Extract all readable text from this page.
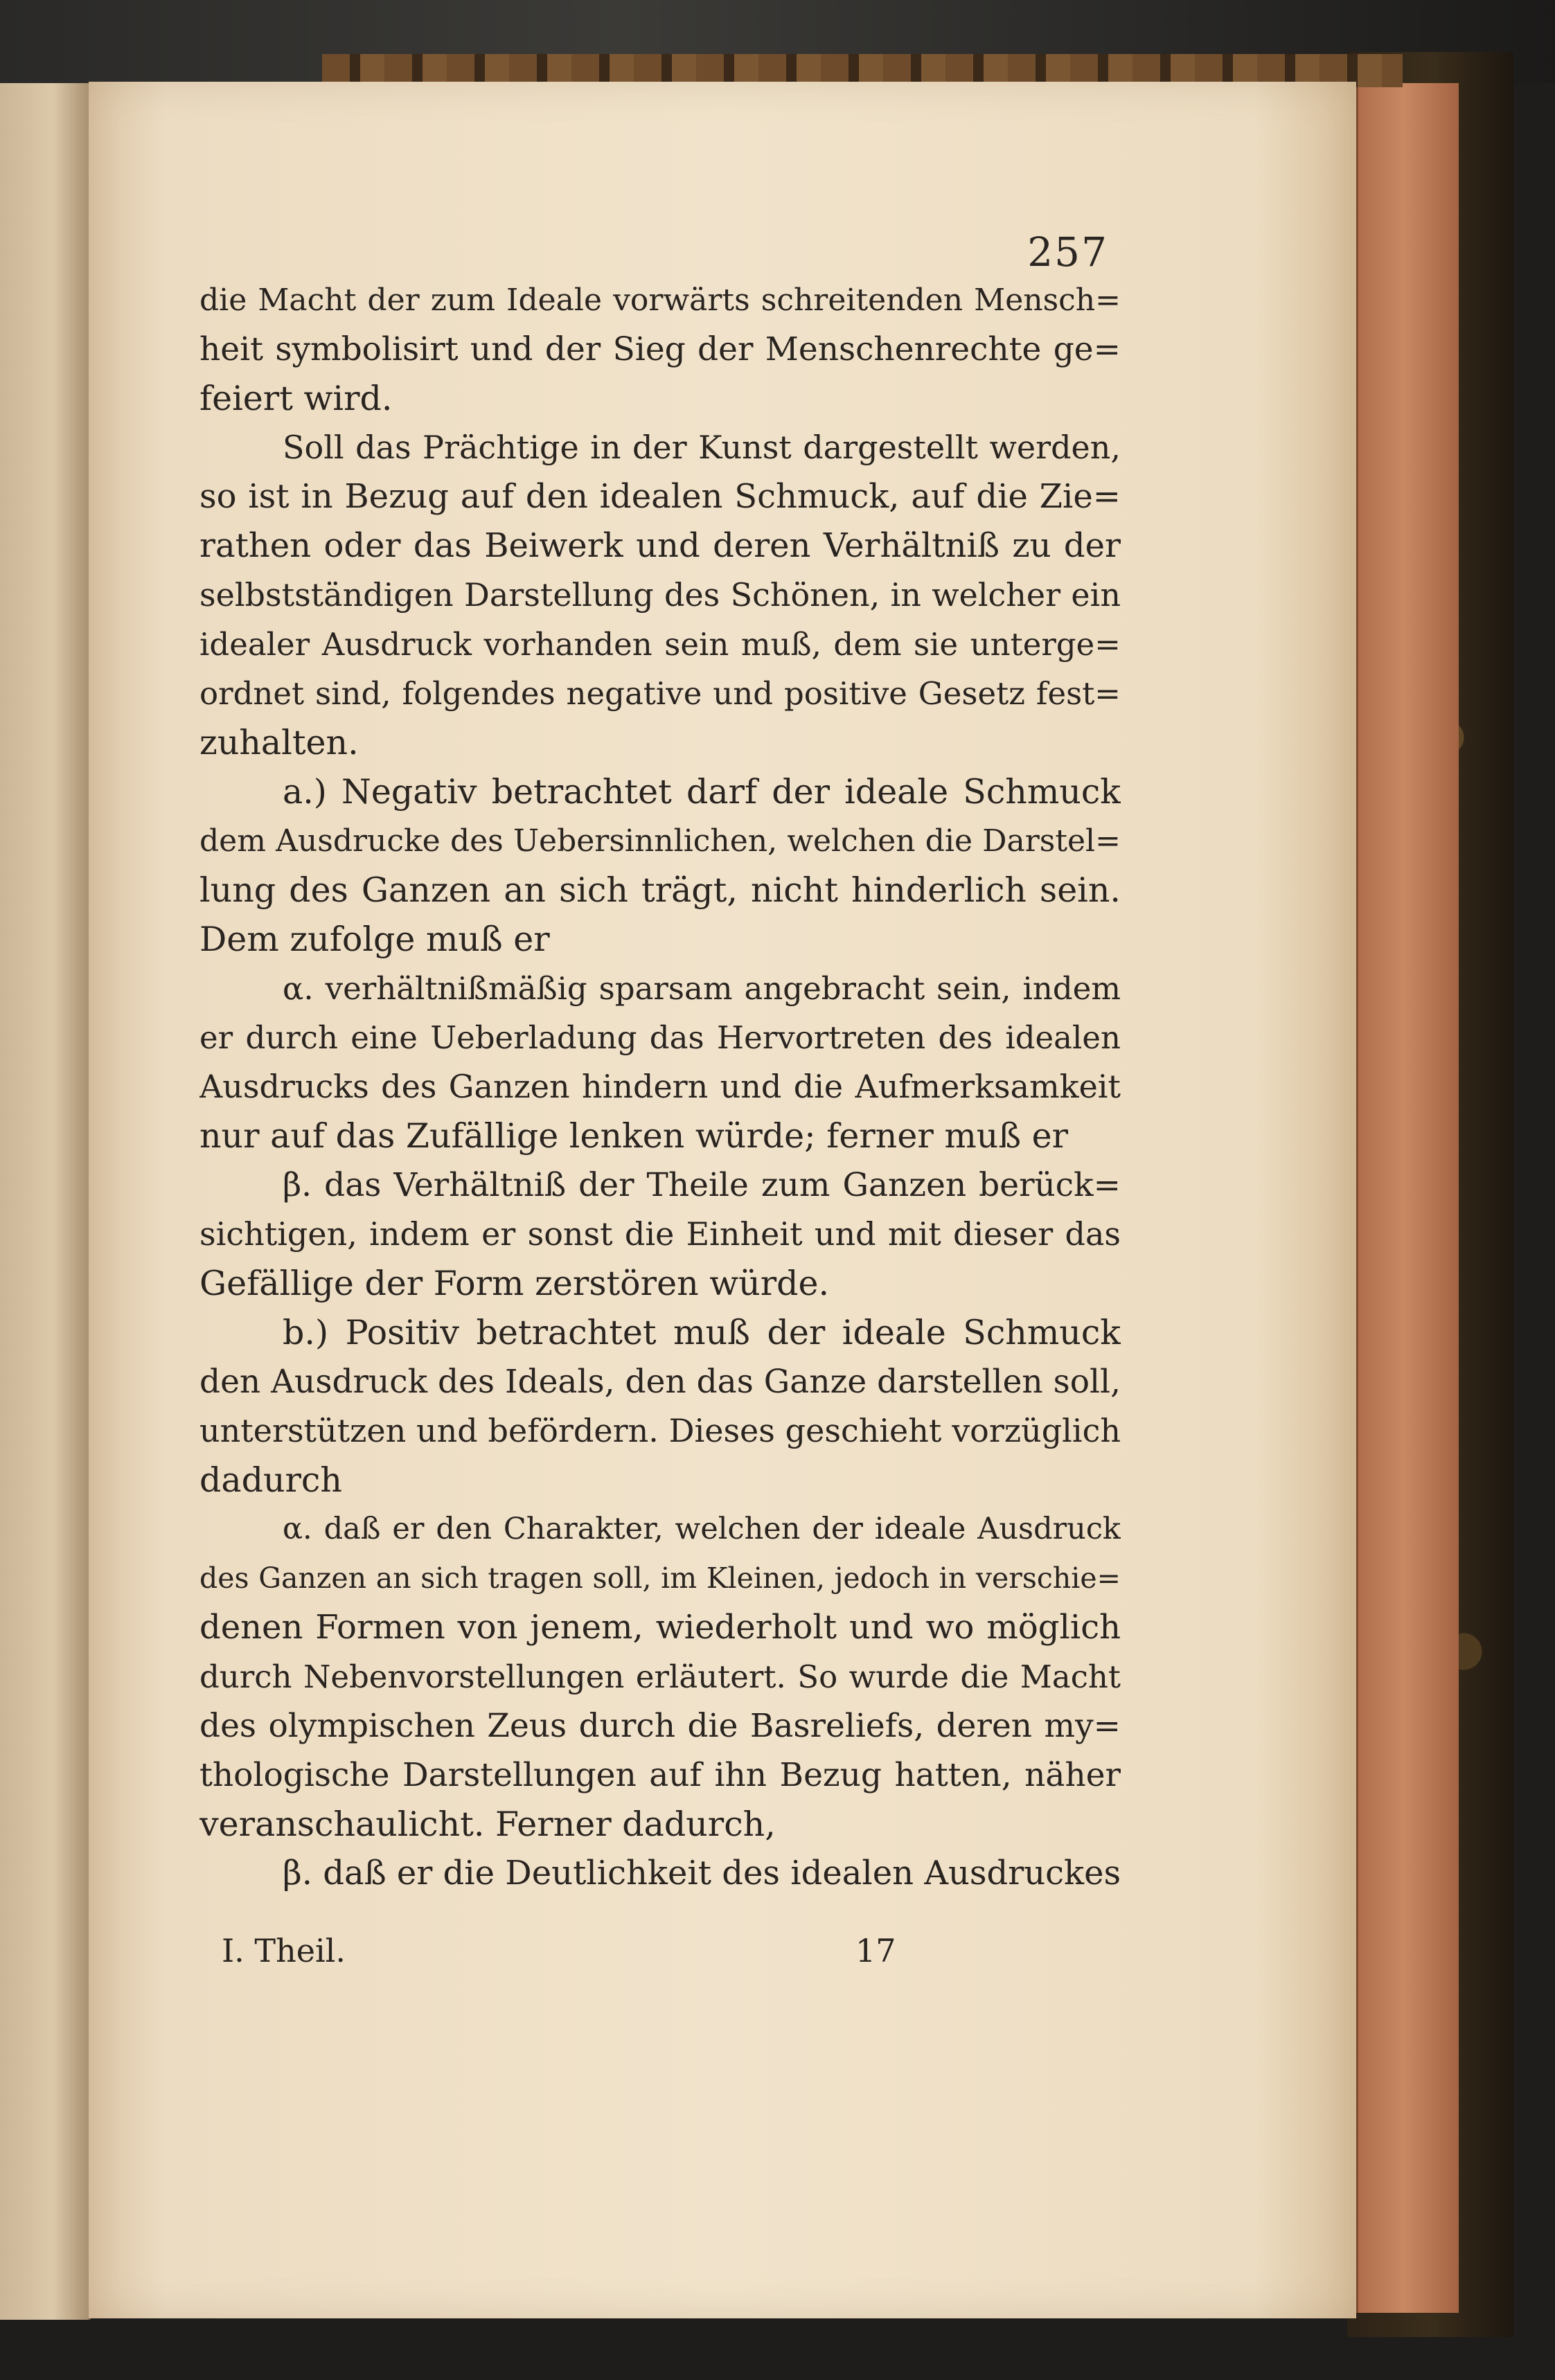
257
die Macht der zum Ideale vorwärts schreitenden Mensch=
heit symbolisirt und der Sieg der Menschenrechte ge=
feiert wird.
Soll das Prächtige in der Kunst dargestellt werden,
so ist in Bezug auf den idealen Schmuck, auf die Zie=
rathen oder das Beiwerk und deren Verhältniß zu der
selbstständigen Darstellung des Schönen, in welcher ein
idealer Ausdruck vorhanden sein muß, dem sie unterge=
ordnet sind, folgendes negative und positive Gesetz fest=
zuhalten.
a.) Negativ betrachtet darf der ideale Schmuck
dem Ausdrucke des Uebersinnlichen, welchen die Darstel=
lung des Ganzen an sich trägt, nicht hinderlich sein.
Dem zufolge muß er
α. verhältnißmäßig sparsam angebracht sein, indem
er durch eine Ueberladung das Hervortreten des idealen
Ausdrucks des Ganzen hindern und die Aufmerksamkeit
nur auf das Zufällige lenken würde; ferner muß er
β. das Verhältniß der Theile zum Ganzen berück=
sichtigen, indem er sonst die Einheit und mit dieser das
Gefällige der Form zerstören würde.
b.) Positiv betrachtet muß der ideale Schmuck
den Ausdruck des Ideals, den das Ganze darstellen soll,
unterstützen und befördern. Dieses geschieht vorzüglich
dadurch
α. daß er den Charakter, welchen der ideale Ausdruck
des Ganzen an sich tragen soll, im Kleinen, jedoch in verschie=
denen Formen von jenem, wiederholt und wo möglich
durch Nebenvorstellungen erläutert. So wurde die Macht
des olympischen Zeus durch die Basreliefs, deren my=
thologische Darstellungen auf ihn Bezug hatten, näher
veranschaulicht. Ferner dadurch,
β. daß er die Deutlichkeit des idealen Ausdruckes
I. Theil.	17
